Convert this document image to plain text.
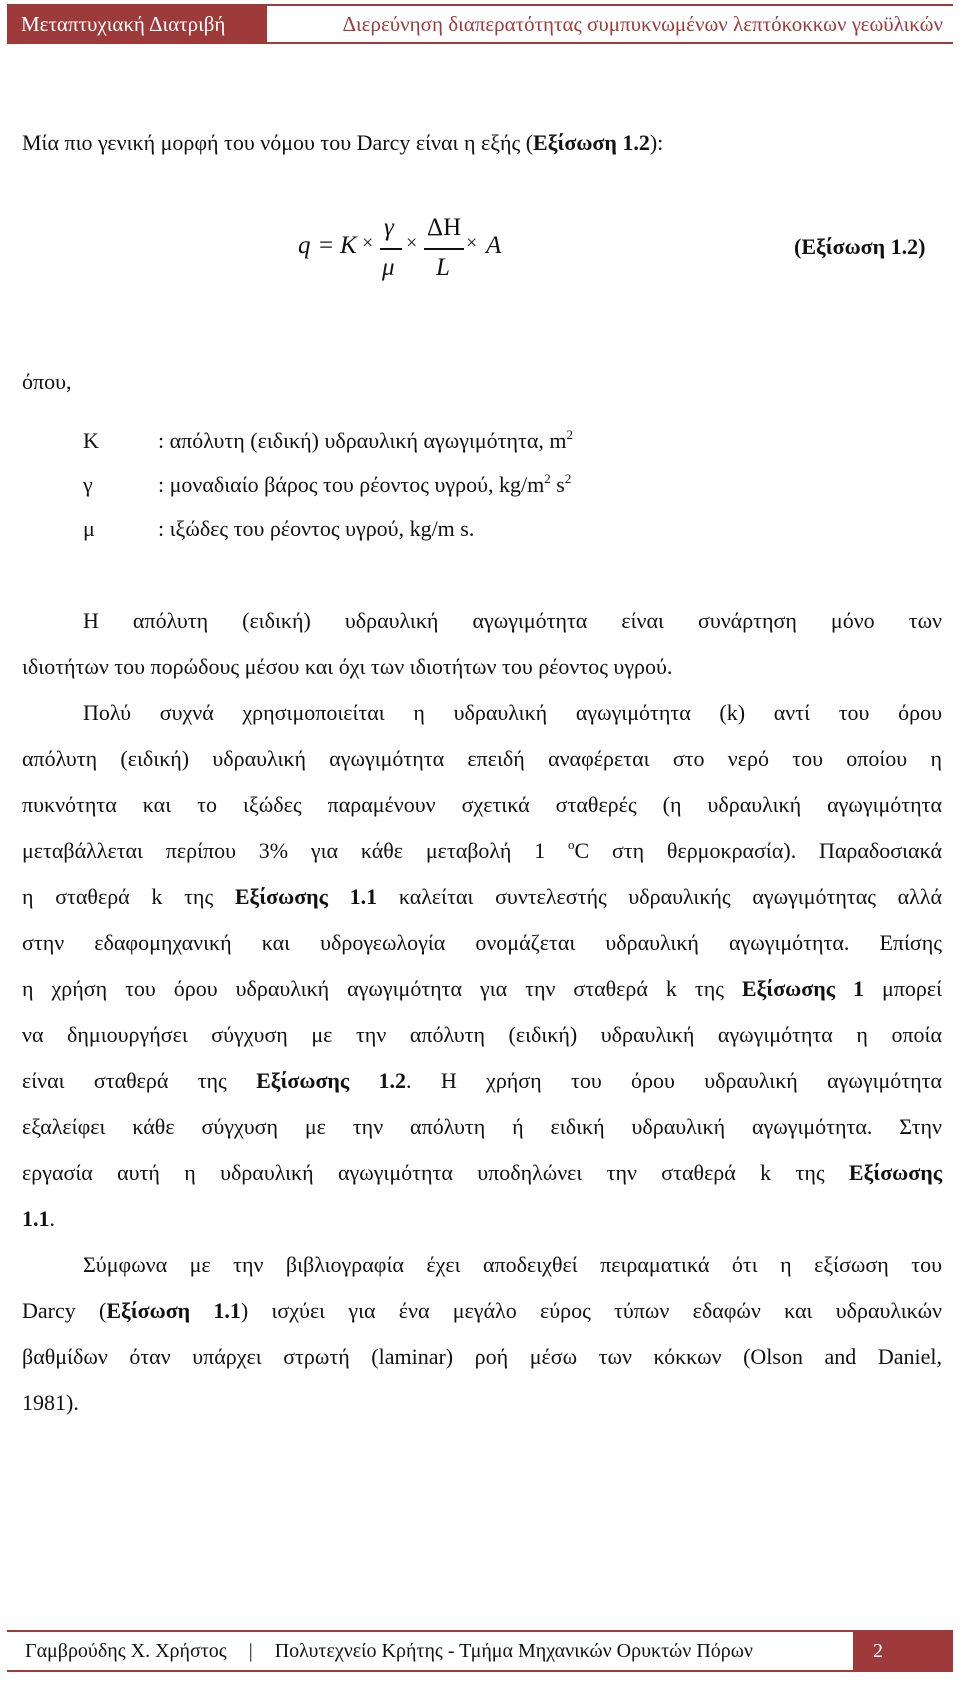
Μεταπτυχιακή Διατριβή	Διερεύνηση διαπερατότητας συμπυκνωμένων λεπτόκοκκων γεωϋλικών
Μία πιο γενική μορφή του νόμου του Darcy είναι η εξής (Εξίσωση 1.2):
q = K ×
γ
μ
×
ΔH
L
× A	(Εξίσωση 1.2)
όπου,
K	: απόλυτη (ειδική) υδραυλική αγωγιμότητα, $m^2$
γ	: μοναδιαίο βάρος του ρέοντος υγρού, $kg/m^2$ $s^2$
μ	: ιξώδες του ρέοντος υγρού, kg/m s.
Η απόλυτη (ειδική) υδραυλική αγωγιμότητα είναι συνάρτηση μόνο των
ιδιοτήτων του πορώδους μέσου και όχι των ιδιοτήτων του ρέοντος υγρού.
Πολύ συχνά χρησιμοποιείται η υδραυλική αγωγιμότητα (k) αντί του όρου
απόλυτη (ειδική) υδραυλική αγωγιμότητα επειδή αναφέρεται στο νερό του οποίου η
πυκνότητα και το ιξώδες παραμένουν σχετικά σταθερές (η υδραυλική αγωγιμότητα
μεταβάλλεται περίπου 3% για κάθε μεταβολή 1 $^o$C στη θερμοκρασία). Παραδοσιακά
η σταθερά k της Εξίσωσης 1.1 καλείται συντελεστής υδραυλικής αγωγιμότητας αλλά
στην εδαφομηχανική και υδρογεωλογία ονομάζεται υδραυλική αγωγιμότητα. Επίσης
η χρήση του όρου υδραυλική αγωγιμότητα για την σταθερά k της Εξίσωσης 1 μπορεί
να δημιουργήσει σύγχυση με την απόλυτη (ειδική) υδραυλική αγωγιμότητα η οποία
είναι σταθερά της Εξίσωσης 1.2. Η χρήση του όρου υδραυλική αγωγιμότητα
εξαλείφει κάθε σύγχυση με την απόλυτη ή ειδική υδραυλική αγωγιμότητα. Στην
εργασία αυτή η υδραυλική αγωγιμότητα υποδηλώνει την σταθερά k της Εξίσωσης
1.1.
Σύμφωνα με την βιβλιογραφία έχει αποδειχθεί πειραματικά ότι η εξίσωση του
Darcy (Εξίσωση 1.1) ισχύει για ένα μεγάλο εύρος τύπων εδαφών και υδραυλικών
βαθμίδων όταν υπάρχει στρωτή (laminar) ροή μέσω των κόκκων (Olson and Daniel,
1981).
Γαμβρούδης Χ. Χρήστος | Πολυτεχνείο Κρήτης - Τμήμα Μηχανικών Ορυκτών Πόρων	2
